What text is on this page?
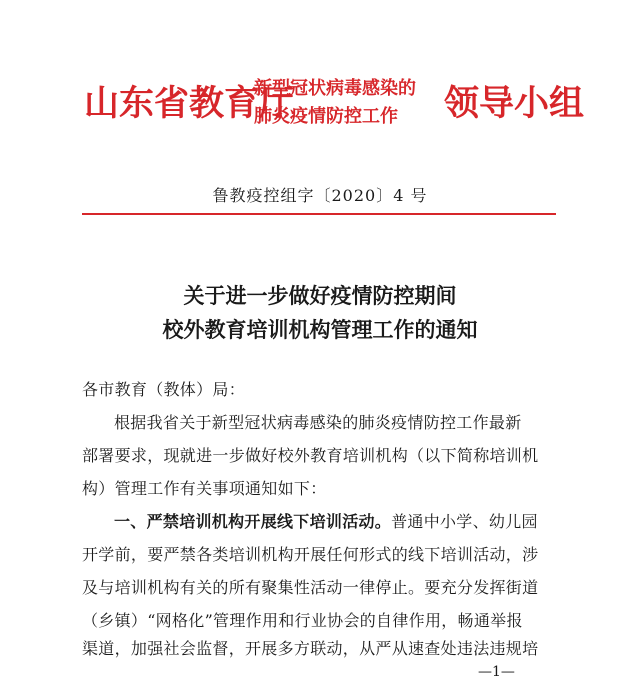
山东省教育厅
新型冠状病毒感染的
肺炎疫情防控工作 领导小组
鲁教疫控组字〔2020〕4 号
关于进一步做好疫情防控期间
校外教育培训机构管理工作的通知
各市教育（教体）局：
根据我省关于新型冠状病毒感染的肺炎疫情防控工作最新
部署要求，现就进一步做好校外教育培训机构（以下简称培训机
构）管理工作有关事项通知如下：
一、严禁培训机构开展线下培训活动。普通中小学、幼儿园
开学前，要严禁各类培训机构开展任何形式的线下培训活动，涉
及与培训机构有关的所有聚集性活动一律停止。要充分发挥街道
（乡镇）“网格化”管理作用和行业协会的自律作用，畅通举报
渠道，加强社会监督，开展多方联动，从严从速查处违法违规培
—1—
